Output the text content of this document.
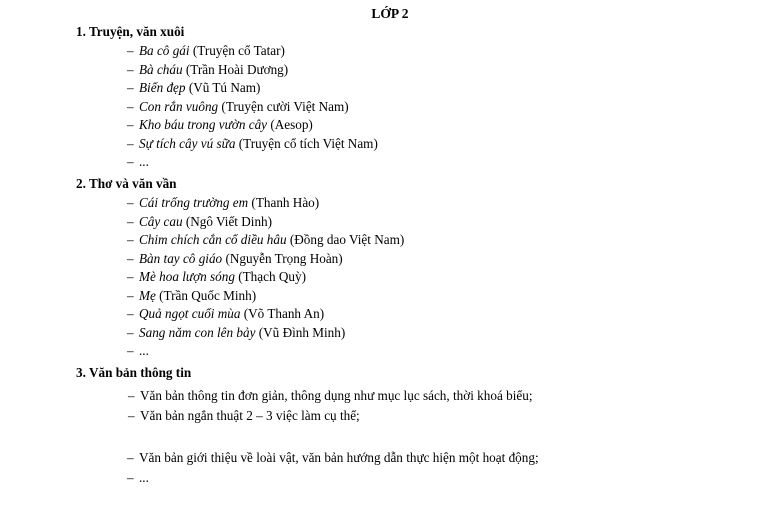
LỚP 2
1. Truyện, văn xuôi
– Ba cô gái (Truyện cổ Tatar)
– Bà cháu (Trần Hoài Dương)
– Biển đẹp (Vũ Tú Nam)
– Con rắn vuông (Truyện cười Việt Nam)
– Kho báu trong vườn cây (Aesop)
– Sự tích cây vú sữa (Truyện cổ tích Việt Nam)
– ...
2. Thơ và văn vần
– Cái trống trường em (Thanh Hào)
– Cây cau (Ngô Viết Dinh)
– Chim chích cắn cổ diều hâu (Đồng dao Việt Nam)
– Bàn tay cô giáo (Nguyễn Trọng Hoàn)
– Mè hoa lượn sóng (Thạch Quỳ)
– Mẹ (Trần Quốc Minh)
– Quả ngọt cuối mùa (Võ Thanh An)
– Sang năm con lên bảy (Vũ Đình Minh)
– ...
3. Văn bản thông tin
– Văn bản thông tin đơn giản, thông dụng như mục lục sách, thời khoá biểu;
– Văn bản ngắn thuật 2 – 3 việc làm cụ thể;
– Văn bản giới thiệu về loài vật, văn bản hướng dẫn thực hiện một hoạt động;
– ...
